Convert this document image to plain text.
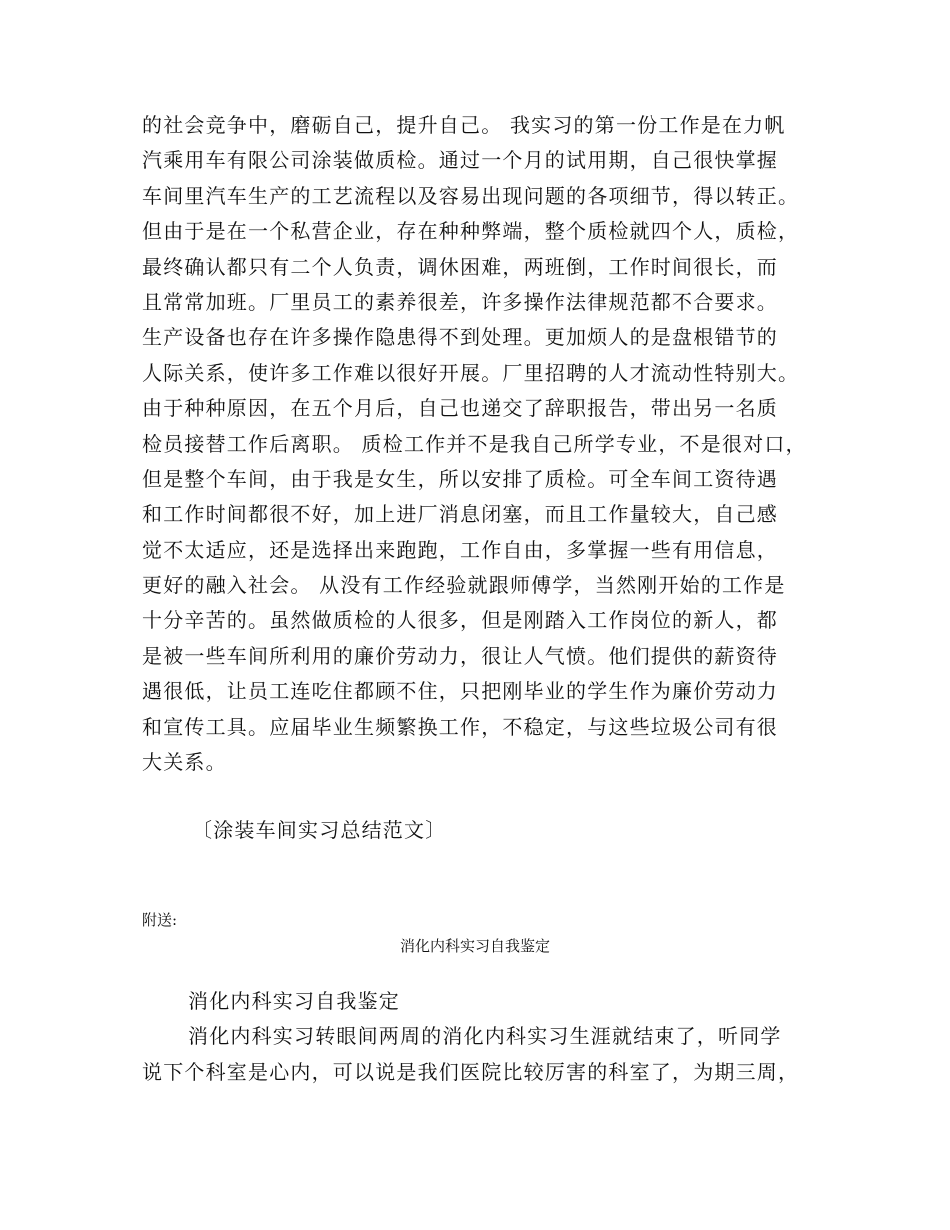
的社会竞争中，磨砺自己，提升自己。 我实习的第一份工作是在力帆
汽乘用车有限公司涂装做质检。通过一个月的试用期，自己很快掌握
车间里汽车生产的工艺流程以及容易出现问题的各项细节，得以转正。
但由于是在一个私营企业，存在种种弊端，整个质检就四个人，质检，
最终确认都只有二个人负责，调休困难，两班倒，工作时间很长，而
且常常加班。厂里员工的素养很差，许多操作法律规范都不合要求。
生产设备也存在许多操作隐患得不到处理。更加烦人的是盘根错节的
人际关系，使许多工作难以很好开展。厂里招聘的人才流动性特别大。
由于种种原因，在五个月后，自己也递交了辞职报告，带出另一名质
检员接替工作后离职。 质检工作并不是我自己所学专业，不是很对口，
但是整个车间，由于我是女生，所以安排了质检。可全车间工资待遇
和工作时间都很不好，加上进厂消息闭塞，而且工作量较大，自己感
觉不太适应，还是选择出来跑跑，工作自由，多掌握一些有用信息，
更好的融入社会。 从没有工作经验就跟师傅学，当然刚开始的工作是
十分辛苦的。虽然做质检的人很多，但是刚踏入工作岗位的新人，都
是被一些车间所利用的廉价劳动力，很让人气愤。他们提供的薪资待
遇很低，让员工连吃住都顾不住，只把刚毕业的学生作为廉价劳动力
和宣传工具。应届毕业生频繁换工作，不稳定，与这些垃圾公司有很
大关系。
〔涂装车间实习总结范文〕
附送:
消化内科实习自我鉴定
消化内科实习自我鉴定
消化内科实习转眼间两周的消化内科实习生涯就结束了，听同学
说下个科室是心内，可以说是我们医院比较厉害的科室了，为期三周，
